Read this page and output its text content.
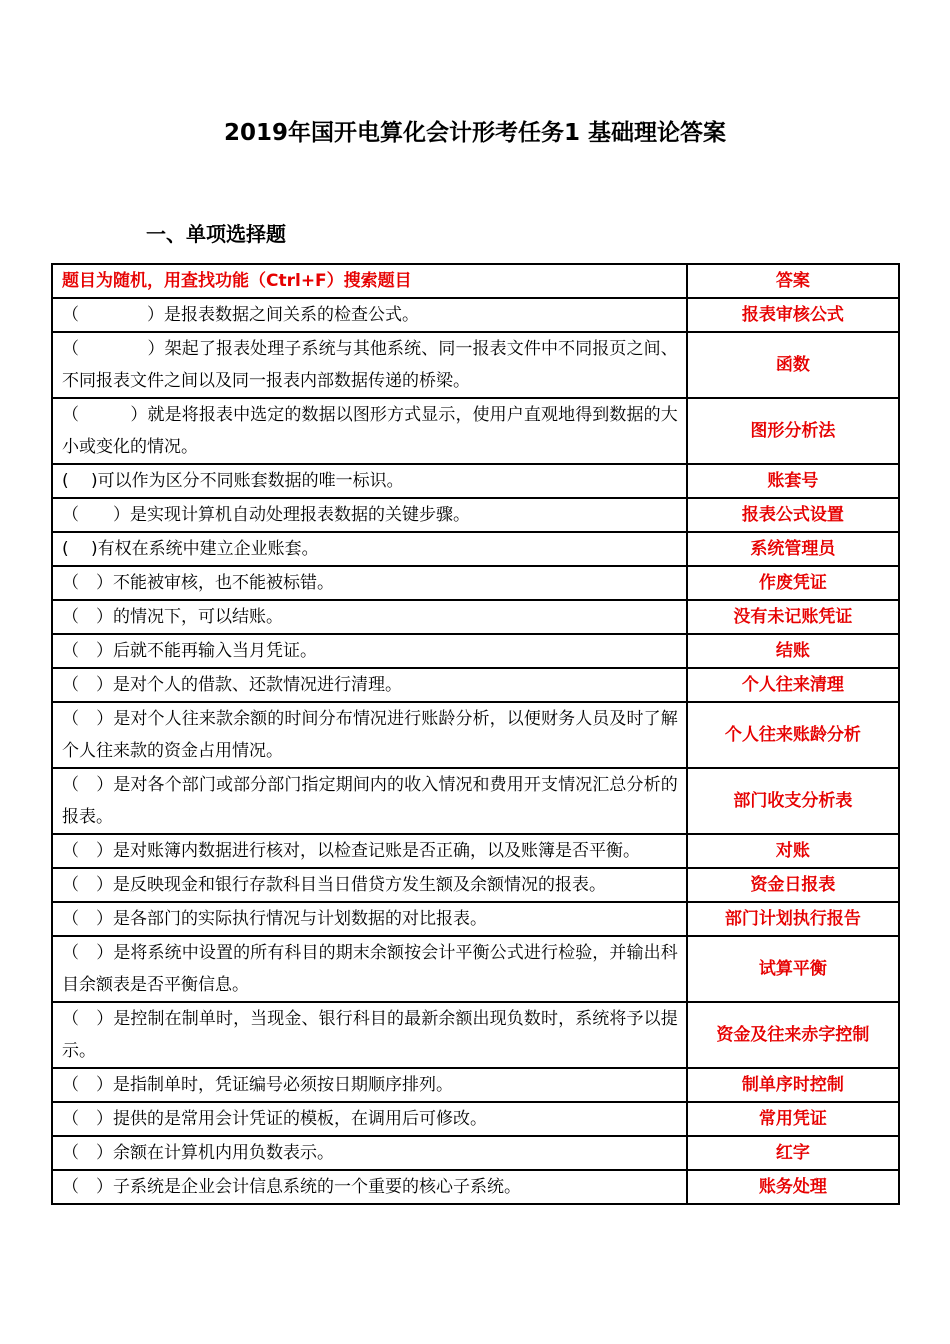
2019年国开电算化会计形考任务1 基础理论答案
一、单项选择题
题目为随机，用查找功能（Ctrl+F）搜索题目	答案
（　　　　）是报表数据之间关系的检查公式。	报表审核公式
（　　　　）架起了报表处理子系统与其他系统、同一报表文件中不同报页之间、不同报表文件之间以及同一报表内部数据传递的桥梁。	函数
（　　　）就是将报表中选定的数据以图形方式显示，使用户直观地得到数据的大小或变化的情况。	图形分析法
(　 )可以作为区分不同账套数据的唯一标识。	账套号
（　　）是实现计算机自动处理报表数据的关键步骤。	报表公式设置
(　 )有权在系统中建立企业账套。	系统管理员
（　）不能被审核，也不能被标错。	作废凭证
（　）的情况下，可以结账。	没有未记账凭证
（　）后就不能再输入当月凭证。	结账
（　）是对个人的借款、还款情况进行清理。	个人往来清理
（　）是对个人往来款余额的时间分布情况进行账龄分析，以便财务人员及时了解个人往来款的资金占用情况。	个人往来账龄分析
（　）是对各个部门或部分部门指定期间内的收入情况和费用开支情况汇总分析的报表。	部门收支分析表
（　）是对账簿内数据进行核对，以检查记账是否正确，以及账簿是否平衡。	对账
（　）是反映现金和银行存款科目当日借贷方发生额及余额情况的报表。	资金日报表
（　）是各部门的实际执行情况与计划数据的对比报表。	部门计划执行报告
（　）是将系统中设置的所有科目的期末余额按会计平衡公式进行检验，并输出科目余额表是否平衡信息。	试算平衡
（　）是控制在制单时，当现金、银行科目的最新余额出现负数时，系统将予以提示。	资金及往来赤字控制
（　）是指制单时，凭证编号必须按日期顺序排列。	制单序时控制
（　）提供的是常用会计凭证的模板，在调用后可修改。	常用凭证
（　）余额在计算机内用负数表示。	红字
（　）子系统是企业会计信息系统的一个重要的核心子系统。	账务处理
